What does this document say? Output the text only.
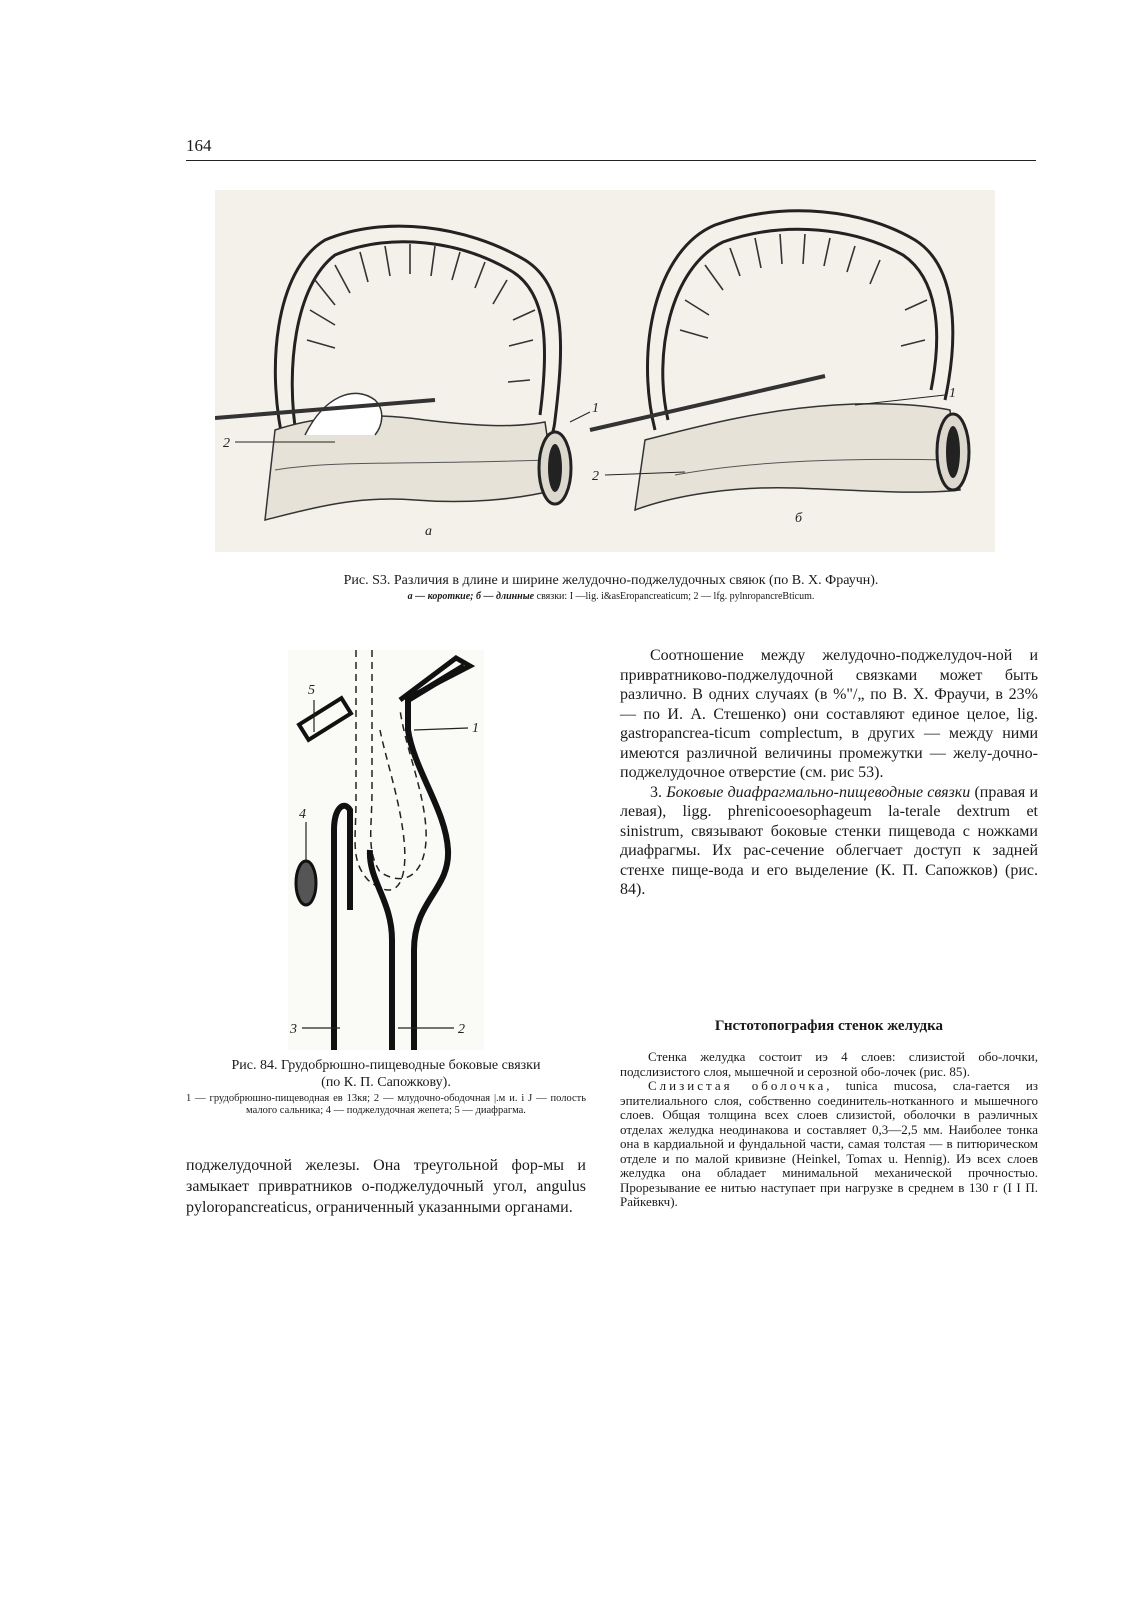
164
1
2
а
1
2
б
Рис. S3. Различия в длине и ширине желудочно-поджелудочных свяюк (по В. X. Фраучн).
а — короткие; б — длинные связки: I —lig. i&asEropancreaticum; 2 — lfg. pylnropancreBticum.
5
4
1
3	2
Рис. 84. Грудобрюшно-пищеводные боковые связки
(по К. П. Сапожкову).
1 — грудобрюшно-пищеводная ев 13кя; 2 — млудочно-ободочная |.м и. i J — полость малого сальника; 4 — поджелудочная жепета; 5 — диафрагма.

Соотношение между желудочно-поджелудоч-ной и привратниково-поджелудочной связками может быть различно. В одних случаях (в %"/„ по В. X. Фраучи, в 23% — по И. А. Стешенко) они составляют единое целое, lig. gastropancrea-ticum complectum, в других — между ними имеются различной величины промежутки — желу-дочно-поджелудочное отверстие (см. рис 53).

3. Боковые диафрагмально-пищеводные связки (правая и левая), ligg. phrenicooesophageum la-terale dextrum et sinistrum, связывают боковые стенки пищевода с ножками диафрагмы. Их рас-сечение облегчает доступ к задней стенхе пище-вода и его выделение (К. П. Сапожков) (рис. 84).

поджелудочной железы. Она треугольной фор-мы и замыкает привратников о-поджелудочный угол, angulus pyloropancreaticus, ограниченный указанными органами.

Гнстотопография стенок желудка

Стенка желудка состоит иэ 4 слоев: слизистой обо-лочки, подслизистого слоя, мышечной и серозной обо-лочек (рис. 85).

Слизистая оболочка, tunica mucosa, сла-гается из эпителиального слоя, собственно соединитель-нотканного и мышечного слоев. Общая толщина всех слоев слизистой, оболочки в раэличных отделах желудка неодинакова и составляет 0,3—2,5 мм. Наиболее тонка она в кардиальной и фундальной части, самая толстая — в питюрическом отделе и по малой кривизне (Heinkel, Tomax u. Hennig). Иэ всех слоев желудка она обладает минимальной механической прочностыо. Прорезывание ее нитью наступает при нагрузке в среднем в 130 г (I I П. Райкевкч).
